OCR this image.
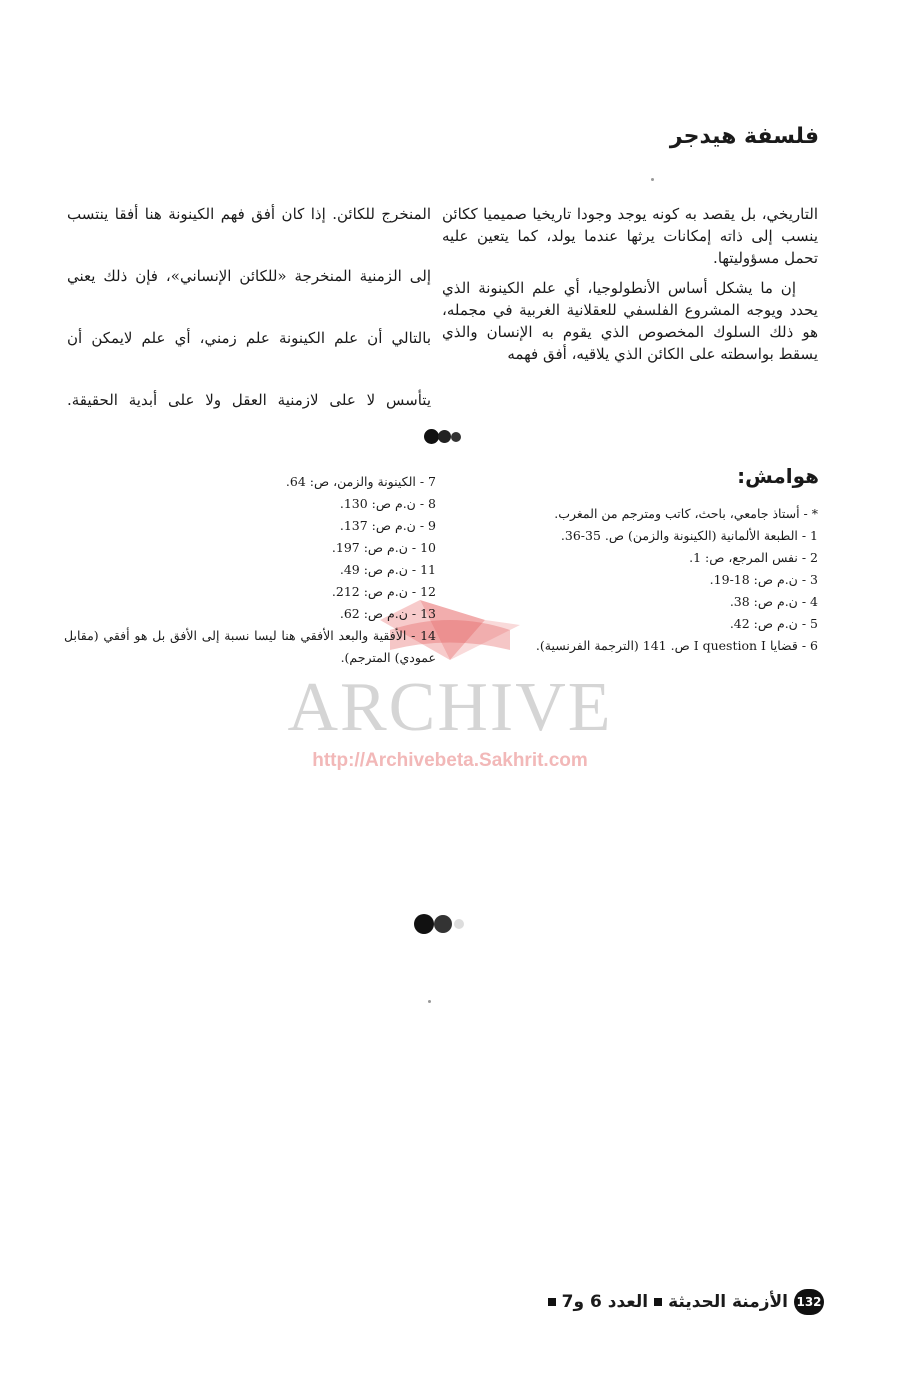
فلسفة هيدجر

التاريخي، بل يقصد به كونه يوجد وجودا تاريخيا صميميا ككائن ينسب إلى ذاته إمكانات يرثها عندما يولد، كما يتعين عليه تحمل مسؤوليتها.

إن ما يشكل أساس الأنطولوجيا، أي علم الكينونة الذي يحدد ويوجه المشروع الفلسفي للعقلانية الغربية في مجمله، هو ذلك السلوك المخصوص الذي يقوم به الإنسان والذي يسقط بواسطته على الكائن الذي يلاقيه، أفق فهمه

المنخرج للكائن. إذا كان أفق فهم الكينونة هنا أفقا ينتسب
إلى الزمنية المنخرجة «للكائن الإنساني»، فإن ذلك يعني
بالتالي أن علم الكينونة علم زمني، أي علم لايمكن أن
يتأسس لا على لازمنية العقل ولا على أبدية الحقيقة.
هوامش:
ARCHIVE
http://Archivebeta.Sakhrit.com
* - أستاذ جامعي، باحث، كاتب ومترجم من المغرب.
1 - الطبعة الألمانية (الكينونة والزمن) ص. 35-36.
2 - نفس المرجع، ص: 1.
3 - ن.م ص: 18-19.
4 - ن.م ص: 38.
5 - ن.م ص: 42.
6 - قضايا I question I ص. 141 (الترجمة الفرنسية).
7 - الكينونة والزمن، ص: 64.
8 - ن.م ص: 130.
9 - ن.م ص: 137.
10 - ن.م ص: 197.
11 - ن.م ص: 49.
12 - ن.م ص: 212.
13 - ن.م ص: 62.
14 - الأفقية والبعد الأفقي هنا ليسا نسبة إلى الأفق بل هو أفقي (مقابل عمودي) المترجم).
132
الأزمنة الحديثة
العدد 6 و7
